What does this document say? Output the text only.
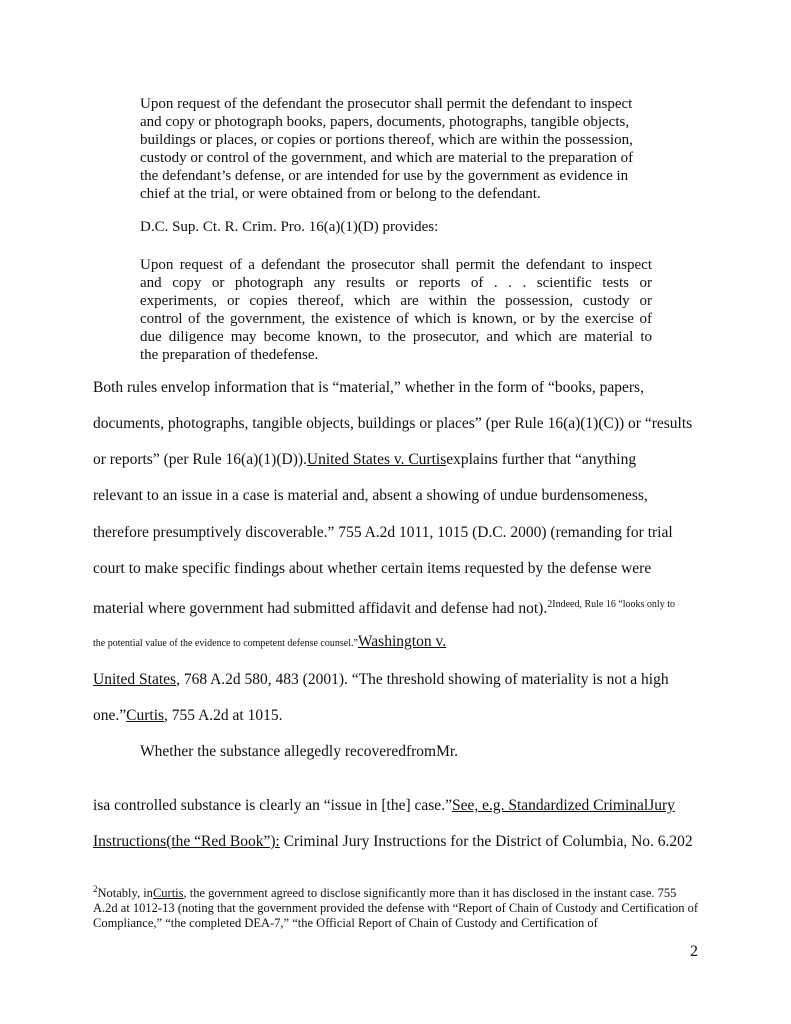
Upon request of the defendant the prosecutor shall permit the defendant to inspect
and copy or photograph books, papers, documents, photographs, tangible objects,
buildings or places, or copies or portions thereof, which are within the possession,
custody or control of the government, and which are material to the preparation of
the defendant’s defense, or are intended for use by the government as evidence in
chief at the trial, or were obtained from or belong to the defendant.
D.C. Sup. Ct. R. Crim. Pro. 16(a)(1)(D) provides:
Upon request of a defendant the prosecutor shall permit the defendant to inspect
and copy or photograph any results or reports of . . . scientific tests or
experiments, or copies thereof, which are within the possession, custody or
control of the government, the existence of which is known, or by the exercise of
due diligence may become known, to the prosecutor, and which are material to
the preparation of thedefense.
Both rules envelop information that is “material,” whether in the form of “books, papers,
documents, photographs, tangible objects, buildings or places” (per Rule 16(a)(1)(C)) or “results
or reports” (per Rule 16(a)(1)(D)).United States v. Curtisexplains further that “anything
relevant to an issue in a case is material and, absent a showing of undue burdensomeness,
therefore presumptively discoverable.” 755 A.2d 1011, 1015 (D.C. 2000) (remanding for trial
court to make specific findings about whether certain items requested by the defense were
material where government had submitted affidavit and defense had not).$^{2Indeed, Rule 16 “looks only to}$
the potential value of the evidence to competent defense counsel.”Washington v.
United States, 768 A.2d 580, 483 (2001). “The threshold showing of materiality is not a high
one.”Curtis, 755 A.2d at 1015.
Whether the substance allegedly recoveredfromMr.
isa controlled substance is clearly an “issue in [the] case.”See, e.g. Standardized CriminalJury
Instructions(the “Red Book”): Criminal Jury Instructions for the District of Columbia, No. 6.202
$^2$Notably, inCurtis, the government agreed to disclose significantly more than it has disclosed in the instant case. 755 A.2d at 1012-13 (noting that the government provided the defense with “Report of Chain of Custody and Certification of Compliance,” “the completed DEA-7,” “the Official Report of Chain of Custody and Certification of
2
